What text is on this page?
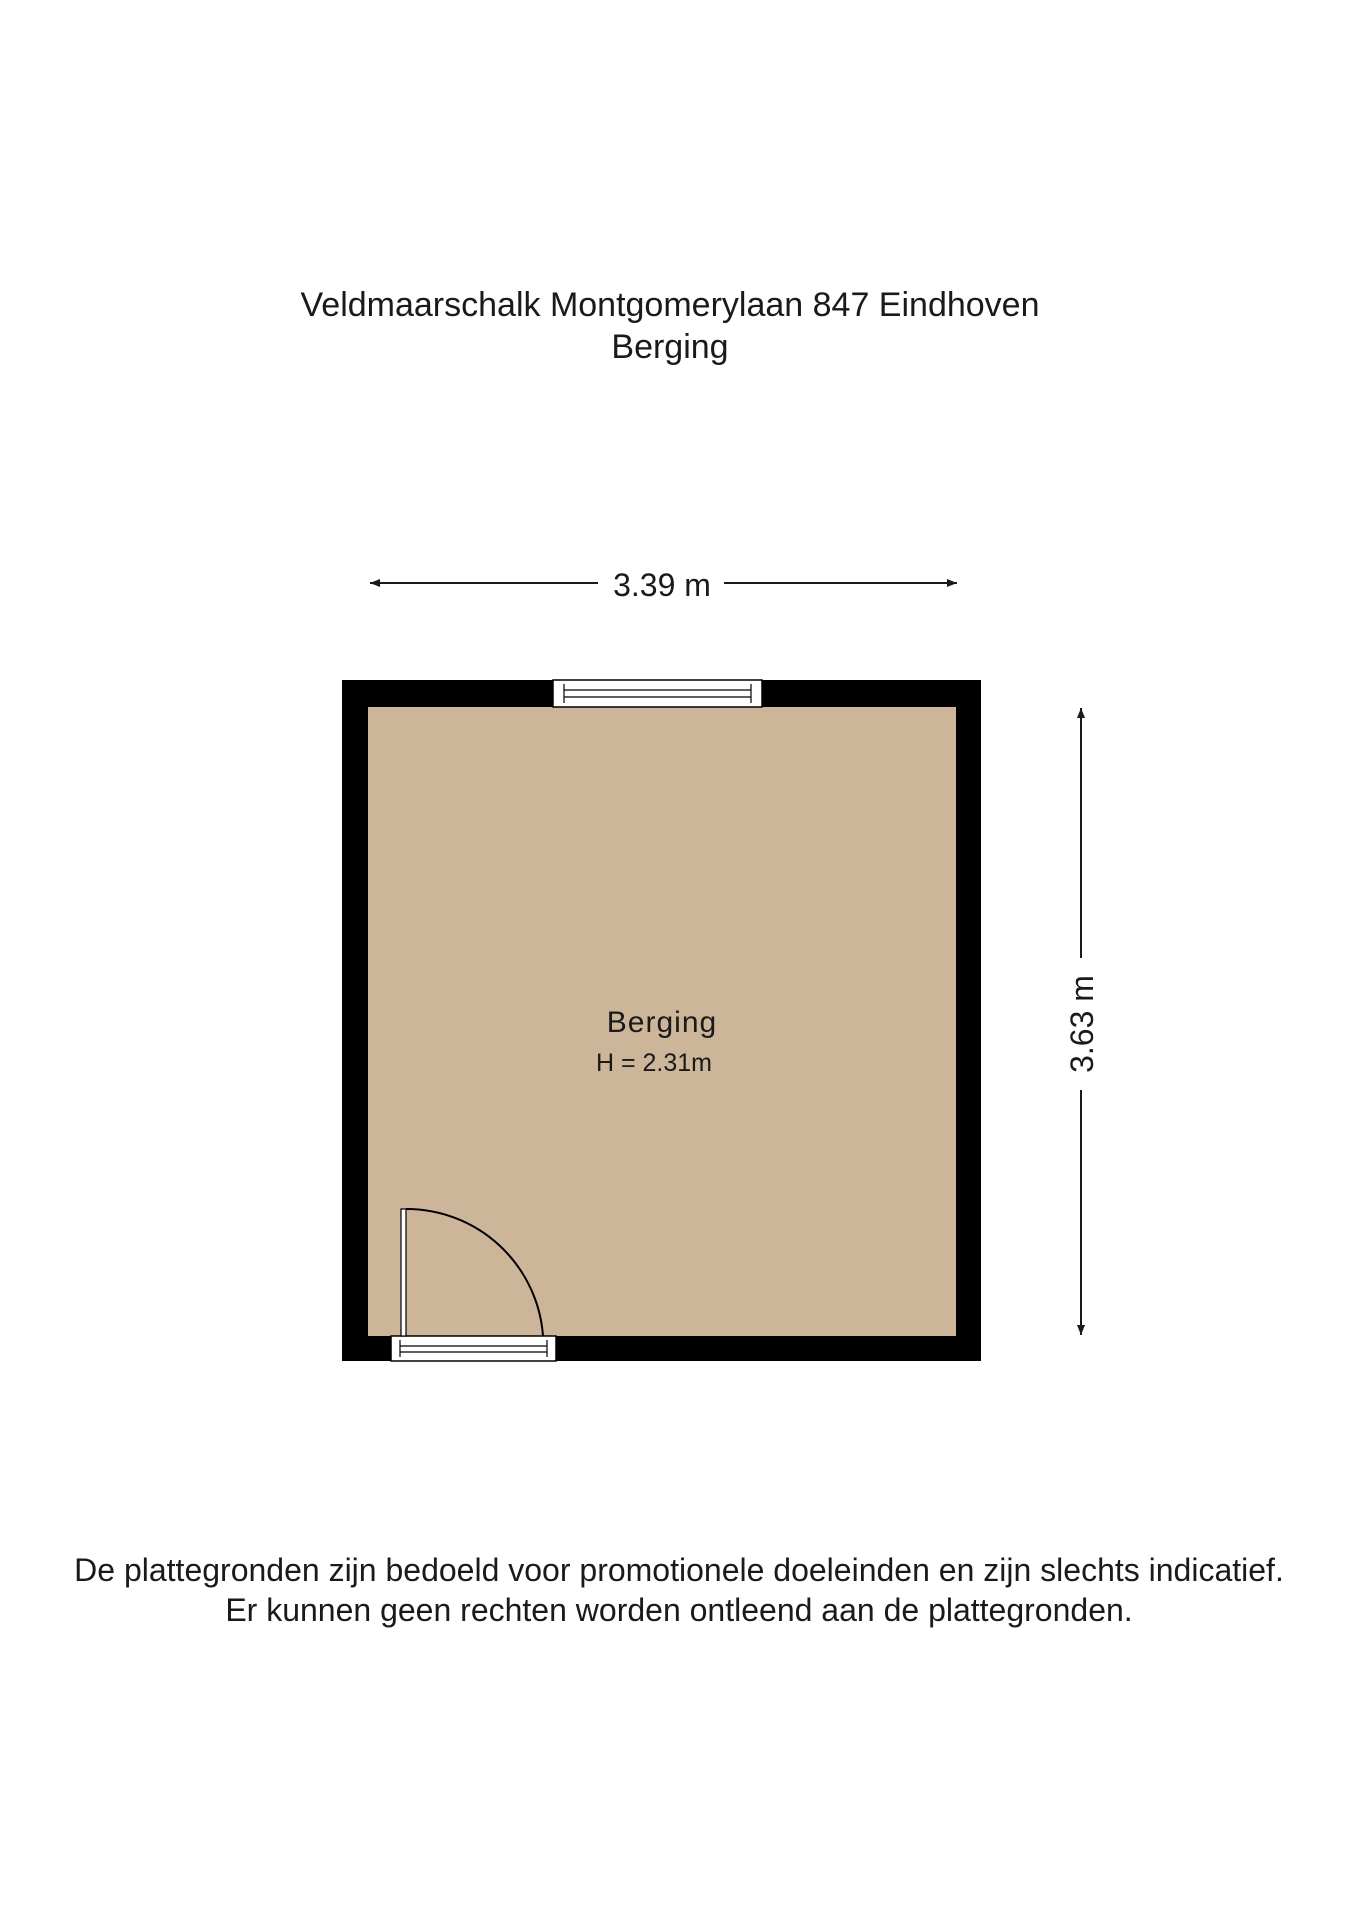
Veldmaarschalk Montgomerylaan 847 Eindhoven
Berging
3.39 m
3.63 m
Berging
H = 2.31m
De plattegronden zijn bedoeld voor promotionele doeleinden en zijn slechts indicatief.
Er kunnen geen rechten worden ontleend aan de plattegronden.
